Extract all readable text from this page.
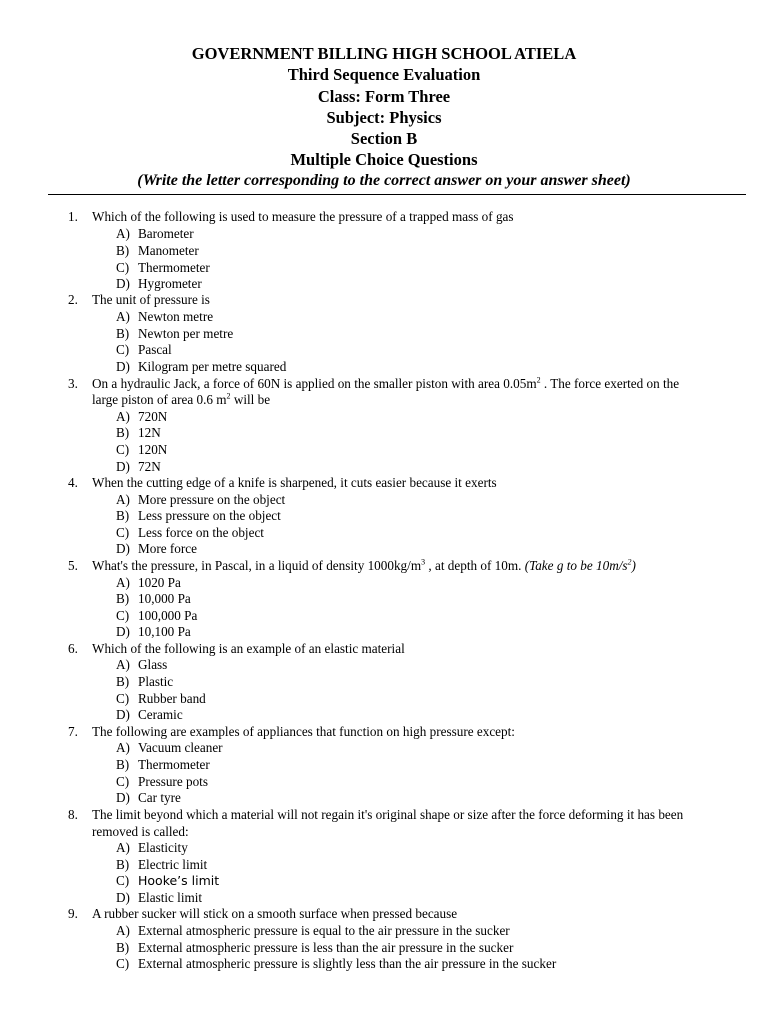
GOVERNMENT BILLING HIGH SCHOOL ATIELA
Third Sequence Evaluation
Class: Form Three
Subject: Physics
Section B
Multiple Choice Questions
(Write the letter corresponding to the correct answer on your answer sheet)
1. Which of the following is used to measure the pressure of a trapped mass of gas
A) Barometer
B) Manometer
C) Thermometer
D) Hygrometer
2. The unit of pressure is
A) Newton metre
B) Newton per metre
C) Pascal
D) Kilogram per metre squared
3. On a hydraulic Jack, a force of 60N is applied on the smaller piston with area $0.05m^2$ . The force exerted on the
large piston of area 0.6 $m^2$ will be
A) 720N
B) 12N
C) 120N
D) 72N
4. When the cutting edge of a knife is sharpened, it cuts easier because it exerts
A) More pressure on the object
B) Less pressure on the object
C) Less force on the object
D) More force
5. What's the pressure, in Pascal, in a liquid of density $1000kg/m^3$ , at depth of 10m. (Take g to be $10m/s^2$)
A) 1020 Pa
B) 10,000 Pa
C) 100,000 Pa
D) 10,100 Pa
6. Which of the following is an example of an elastic material
A) Glass
B) Plastic
C) Rubber band
D) Ceramic
7. The following are examples of appliances that function on high pressure except:
A) Vacuum cleaner
B) Thermometer
C) Pressure pots
D) Car tyre
8. The limit beyond which a material will not regain it's original shape or size after the force deforming it has been
removed is called:
A) Elasticity
B) Electric limit
C) Hooke’s limit
D) Elastic limit
9. A rubber sucker will stick on a smooth surface when pressed because
A) External atmospheric pressure is equal to the air pressure in the sucker
B) External atmospheric pressure is less than the air pressure in the sucker
C) External atmospheric pressure is slightly less than the air pressure in the sucker
